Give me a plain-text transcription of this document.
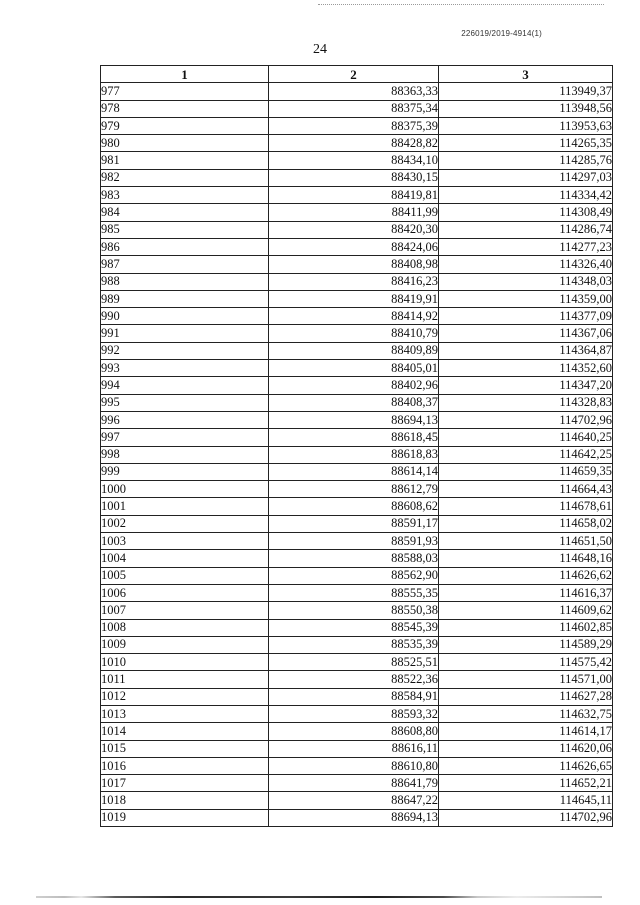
226019/2019-4914(1)
24
1	2	3
977	88363,33	113949,37
978	88375,34	113948,56
979	88375,39	113953,63
980	88428,82	114265,35
981	88434,10	114285,76
982	88430,15	114297,03
983	88419,81	114334,42
984	88411,99	114308,49
985	88420,30	114286,74
986	88424,06	114277,23
987	88408,98	114326,40
988	88416,23	114348,03
989	88419,91	114359,00
990	88414,92	114377,09
991	88410,79	114367,06
992	88409,89	114364,87
993	88405,01	114352,60
994	88402,96	114347,20
995	88408,37	114328,83
996	88694,13	114702,96
997	88618,45	114640,25
998	88618,83	114642,25
999	88614,14	114659,35
1000	88612,79	114664,43
1001	88608,62	114678,61
1002	88591,17	114658,02
1003	88591,93	114651,50
1004	88588,03	114648,16
1005	88562,90	114626,62
1006	88555,35	114616,37
1007	88550,38	114609,62
1008	88545,39	114602,85
1009	88535,39	114589,29
1010	88525,51	114575,42
1011	88522,36	114571,00
1012	88584,91	114627,28
1013	88593,32	114632,75
1014	88608,80	114614,17
1015	88616,11	114620,06
1016	88610,80	114626,65
1017	88641,79	114652,21
1018	88647,22	114645,11
1019	88694,13	114702,96
